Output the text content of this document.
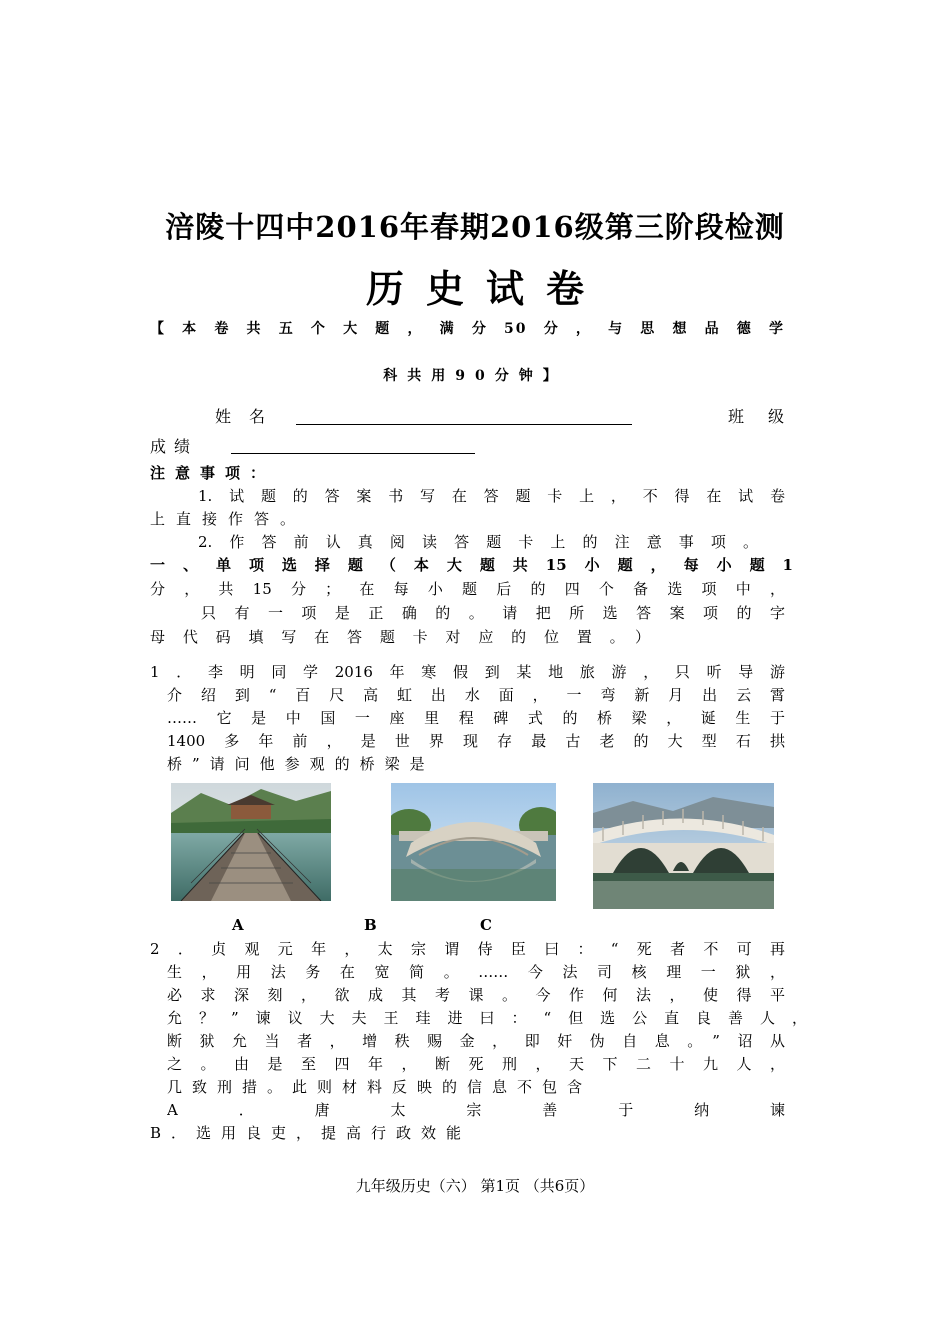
涪陵十四中2016年春期2016级第三阶段检测
历史试卷
【本卷共五个大题，满分50分，与思想品德学
科共用90分钟】
姓名	班级
成绩
注意事项：
1.试题的答案书写在答题卡上，不得在试卷
上直接作答。
2.作答前认真阅读答题卡上的注意事项。
一、单项选择题（本大题共15小题，每小题1
分，共15分；在每小题后的四个备选项中，
只有一项是正确的。请把所选答案项的字
母代码填写在答题卡对应的位置。）
1．李明同学2016年寒假到某地旅游，只听导游
介绍到“百尺高虹出水面，一弯新月出云霄
……它是中国一座里程碑式的桥梁，诞生于
1400多年前，是世界现存最古老的大型石拱
桥”请问他参观的桥梁是
A	B	C
2．贞观元年，太宗谓侍臣曰：“死者不可再
生，用法务在宽简。……今法司核理一狱，
必求深刻，欲成其考课。今作何法，使得平
允？”谏议大夫王珪进曰：“但选公直良善人，
断狱允当者，增秩赐金，即奸伪自息。”诏从
之。由是至四年，断死刑，天下二十九人，
几致刑措。此则材料反映的信息不包含
A．唐太宗善于纳谏
B．选用良吏，提高行政效能
九年级历史（六） 第1页 （共6页）
